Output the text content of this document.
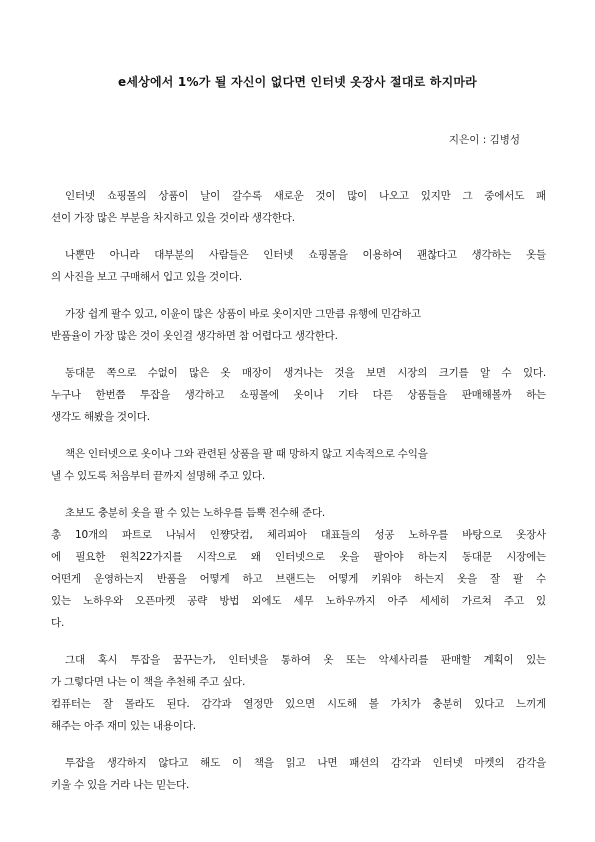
e세상에서 1%가 될 자신이 없다면 인터넷 옷장사 절대로 하지마라
지은이 : 김병성
인터넷 쇼핑몰의 상품이 날이 갈수록 새로운 것이 많이 나오고 있지만 그 중에서도 패
션이 가장 많은 부분을 차지하고 있을 것이라 생각한다.
나뿐만 아니라 대부분의 사람들은 인터넷 쇼핑몰을 이용하여 괜찮다고 생각하는 옷들
의 사진을 보고 구매해서 입고 있을 것이다.
가장 쉽게 팔수 있고, 이윤이 많은 상품이 바로 옷이지만 그만큼 유행에 민감하고
반품율이 가장 많은 것이 옷인걸 생각하면 참 어렵다고 생각한다.
동대문 쪽으로 수없이 많은 옷 매장이 생겨나는 것을 보면 시장의 크기를 알 수 있다.
누구나 한번쯤 투잡을 생각하고 쇼핑몰에 옷이나 기타 다른 상품들을 판매해볼까 하는
생각도 해봤을 것이다.
책은 인터넷으로 옷이나 그와 관련된 상품을 팔 때 망하지 않고 지속적으로 수익을
낼 수 있도록 처음부터 끝까지 설명해 주고 있다.
초보도 충분히 옷을 팔 수 있는 노하우를 듬뿍 전수해 준다.
총 10개의 파트로 나눠서 인쨩닷컴, 체리피아 대표들의 성공 노하우를 바탕으로 옷장사
에 필요한 원칙22가지를 시작으로 왜 인터넷으로 옷을 팔아야 하는지 동대문 시장에는
어떤게 운영하는지 반품을 어떻게 하고 브랜드는 어떻게 키워야 하는지 옷을 잘 팔 수
있는 노하우와 오픈마켓 공략 방법 외에도 세무 노하우까지 아주 세세히 가르쳐 주고 있
다.
그대 혹시 투잡을 꿈꾸는가, 인터넷을 통하여 옷 또는 악세사리를 판매할 계획이 있는
가 그렇다면 나는 이 책을 추천해 주고 싶다.
컴퓨터는 잘 몰라도 된다. 감각과 열정만 있으면 시도해 볼 가치가 충분히 있다고 느끼게
해주는 아주 재미 있는 내용이다.
투잡을 생각하지 않다고 해도 이 책을 읽고 나면 패션의 감각과 인터넷 마켓의 감각을
키울 수 있을 거라 나는 믿는다.
